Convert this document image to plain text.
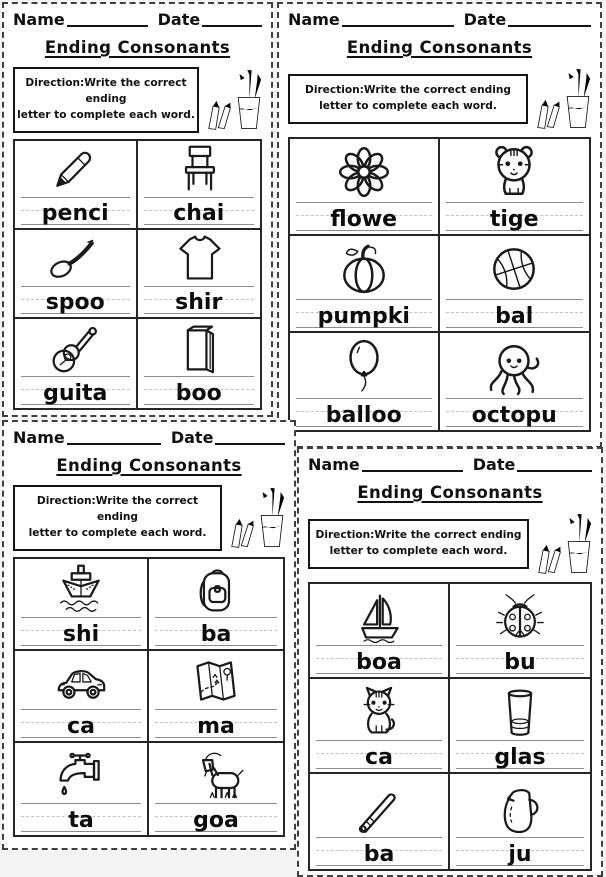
Name	Date
Ending Consonants
Direction:Write the correct ending
letter to complete each word.
penci	chai
spoo	shir
guita	boo
Name	Date
Ending Consonants
Direction:Write the correct ending
letter to complete each word.
flowe	tige
pumpki	bal
balloo	octopu
Name	Date
Ending Consonants
Direction:Write the correct ending
letter to complete each word.
shi	ba
ca	ma
ta	goa
Name	Date
Ending Consonants
Direction:Write the correct ending
letter to complete each word.
boa	bu
ca	glas
ba	ju
